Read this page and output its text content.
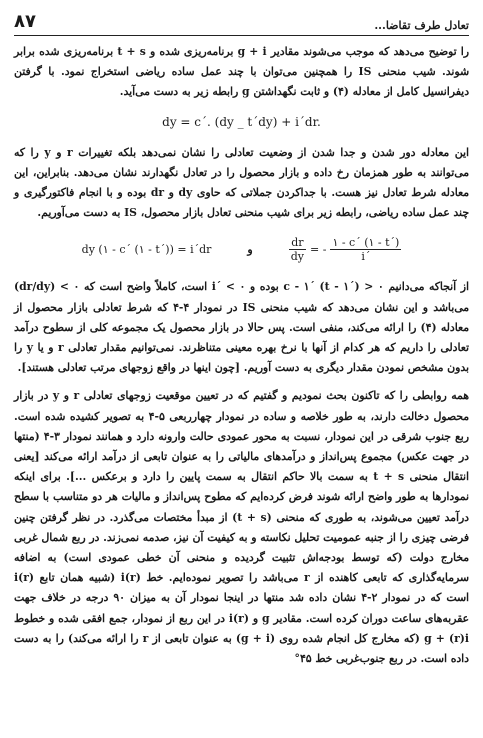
تعادل طرف تقاضا...
۸۷

را توضیح می‌دهد که موجب می‌شوند مقادیر g + i برنامه‌ریزی شده و t + s برنامه‌ریزی شده برابر شوند. شیب منحنی IS را همچنین می‌توان با چند عمل ساده ریاضی استخراج نمود. با گرفتن دیفرانسیل کامل از معادله (۴) و ثابت نگهداشتن g رابطه زیر به دست می‌آید.

dy = c´. (dy _ t´dy) + i´dr.

این معادله دور شدن و جدا شدن از وضعیت تعادلی را نشان نمی‌دهد بلکه تغییرات r و y را که می‌توانند به طور همزمان رخ داده و بازار محصول را در تعادل نگهدارند نشان می‌دهد. بنابراین، این معادله شرط تعادل نیز هست. با جداکردن جملاتی که حاوی dy و dr بوده و با انجام فاکتورگیری و چند عمل ساده ریاضی، رابطه زیر برای شیب منحنی تعادل بازار محصول، IS به دست می‌آوریم.

dy (۱ - c´ (۱ - t´)) = i´dr	و	$\frac{dr}{dy}$ = - $\frac{۱ - c´ (۱ - t´)}{i´}$

از آنجاکه می‌دانیم ۰ < (´t - ۱) ´c - ۱ بوده و ۰ > ´i است، کاملاً واضح است که ۰ > (dr/dy) می‌باشد و این نشان می‌دهد که شیب منحنی IS در نمودار ۴-۴ که شرط تعادلی بازار محصول از معادله (۴) را ارائه می‌کند، منفی است. پس حالا در بازار محصول یک مجموعه کلی از سطوح درآمد تعادلی را داریم که هر کدام از آنها با نرخ بهره معینی متناظرند. نمی‌توانیم مقدار تعادلی r و یا y را بدون مشخص نمودن مقدار دیگری به دست آوریم. [چون اینها در واقع زوجهای مرتب تعادلی هستند].

همه روابطی را که تاکنون بحث نمودیم و گفتیم که در تعیین موقعیت زوجهای تعادلی r و y در بازار محصول دخالت دارند، به طور خلاصه و ساده در نمودار چهارربعی ۵-۴ به تصویر کشیده شده است. ربع جنوب شرقی در این نمودار، نسبت به محور عمودی حالت وارونه دارد و همانند نمودار ۳-۴ (منتها در جهت عکس) مجموع پس‌انداز و درآمدهای مالیاتی را به عنوان تابعی از درآمد ارائه می‌کند [یعنی انتقال منحنی t + s به سمت بالا حاکم انتقال به سمت پایین را دارد و برعکس ...]. برای اینکه نمودارها به طور واضح ارائه شوند فرض کرده‌ایم که مطوح پس‌انداز و مالیات هر دو متناسب با سطح درآمد تعیین می‌شوند، به طوری که منحنی (t + s) از مبدأ مختصات می‌گذرد. در نظر گرفتن چنین فرضی چیزی را از جنبه عمومیت تحلیل نکاسته و به کیفیت آن نیز، صدمه نمی‌زند. در ربع شمال غربی مخارج دولت (که توسط بودجه‌اش تثبیت گردیده و منحنی آن خطی عمودی است) به اضافه سرمایه‌گذاری که تابعی کاهنده از r می‌باشد را تصویر نموده‌ایم. خط (r)i (شبیه همان تابع (r)i است که در نمودار ۲-۴ نشان داده شد منتها در اینجا نمودار آن به میزان ۹۰ درجه در خلاف جهت عقربه‌های ساعت دوران کرده است. مقادیر g و (r)i در این ربع از نمودار، جمع افقی شده و خطوط g + (r)i (که مخارج کل انجام شده روی (g + i) به عنوان تابعی از r را ارائه می‌کند) را به دست داده است. در ربع جنوب‌غربی خط ۴۵°
